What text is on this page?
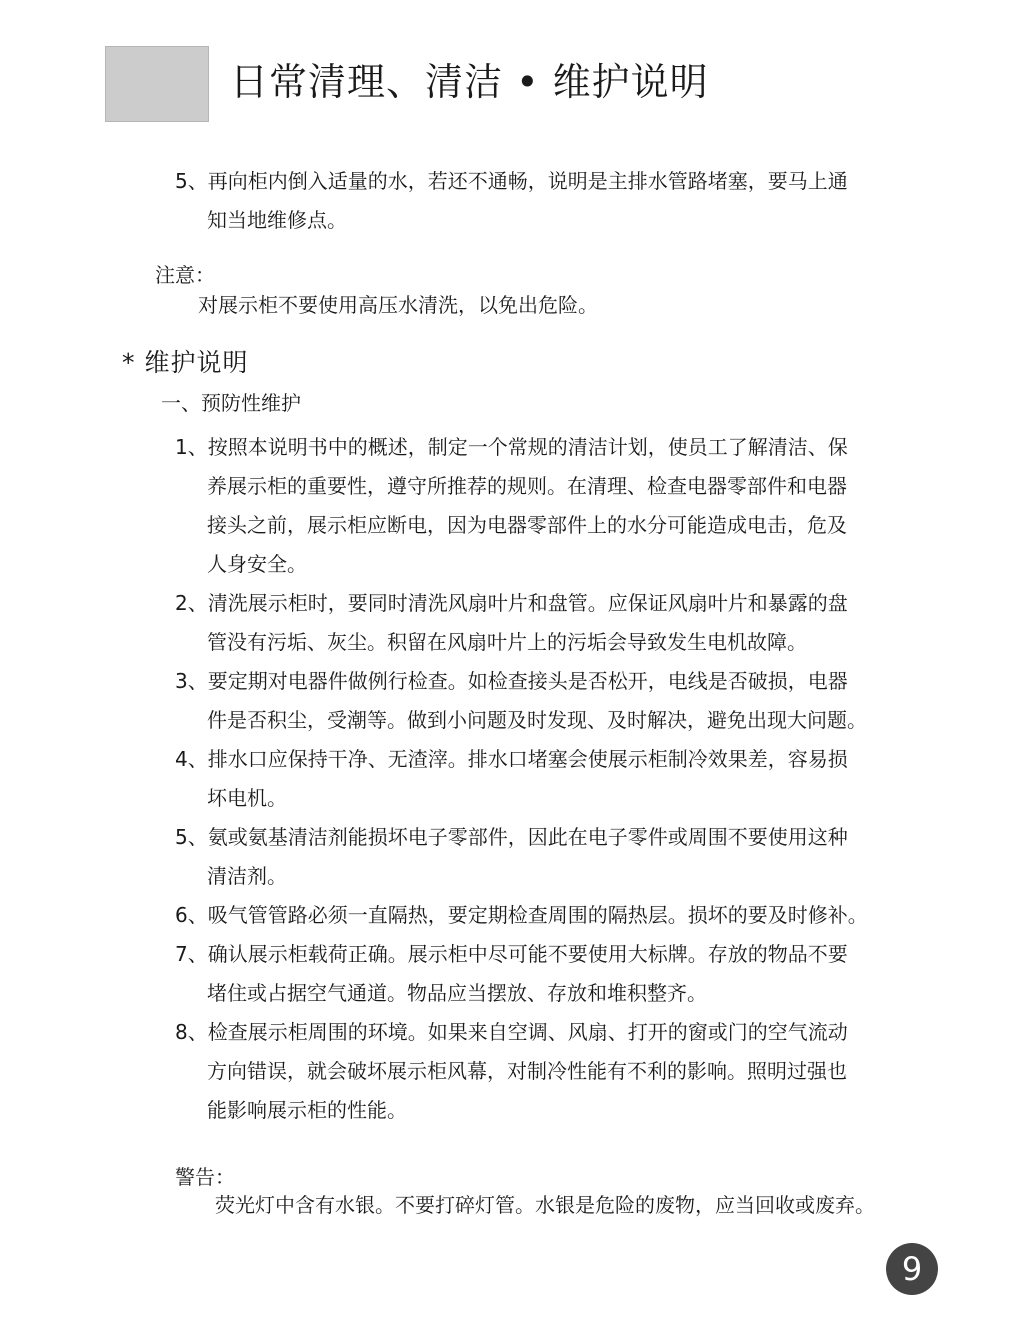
日常清理、清洁 • 维护说明
5、再向柜内倒入适量的水，若还不通畅，说明是主排水管路堵塞，要马上通
知当地维修点。
注意：
对展示柜不要使用高压水清洗，以免出危险。
* 维护说明
一、预防性维护
1、按照本说明书中的概述，制定一个常规的清洁计划，使员工了解清洁、保
养展示柜的重要性，遵守所推荐的规则。在清理、检查电器零部件和电器
接头之前，展示柜应断电，因为电器零部件上的水分可能造成电击，危及
人身安全。
2、清洗展示柜时，要同时清洗风扇叶片和盘管。应保证风扇叶片和暴露的盘
管没有污垢、灰尘。积留在风扇叶片上的污垢会导致发生电机故障。
3、要定期对电器件做例行检查。如检查接头是否松开，电线是否破损，电器
件是否积尘，受潮等。做到小问题及时发现、及时解决，避免出现大问题。
4、排水口应保持干净、无渣滓。排水口堵塞会使展示柜制冷效果差，容易损
坏电机。
5、氨或氨基清洁剂能损坏电子零部件，因此在电子零件或周围不要使用这种
清洁剂。
6、吸气管管路必须一直隔热，要定期检查周围的隔热层。损坏的要及时修补。
7、确认展示柜载荷正确。展示柜中尽可能不要使用大标牌。存放的物品不要
堵住或占据空气通道。物品应当摆放、存放和堆积整齐。
8、检查展示柜周围的环境。如果来自空调、风扇、打开的窗或门的空气流动
方向错误，就会破坏展示柜风幕，对制冷性能有不利的影响。照明过强也
能影响展示柜的性能。
警告：
荧光灯中含有水银。不要打碎灯管。水银是危险的废物，应当回收或废弃。
9
